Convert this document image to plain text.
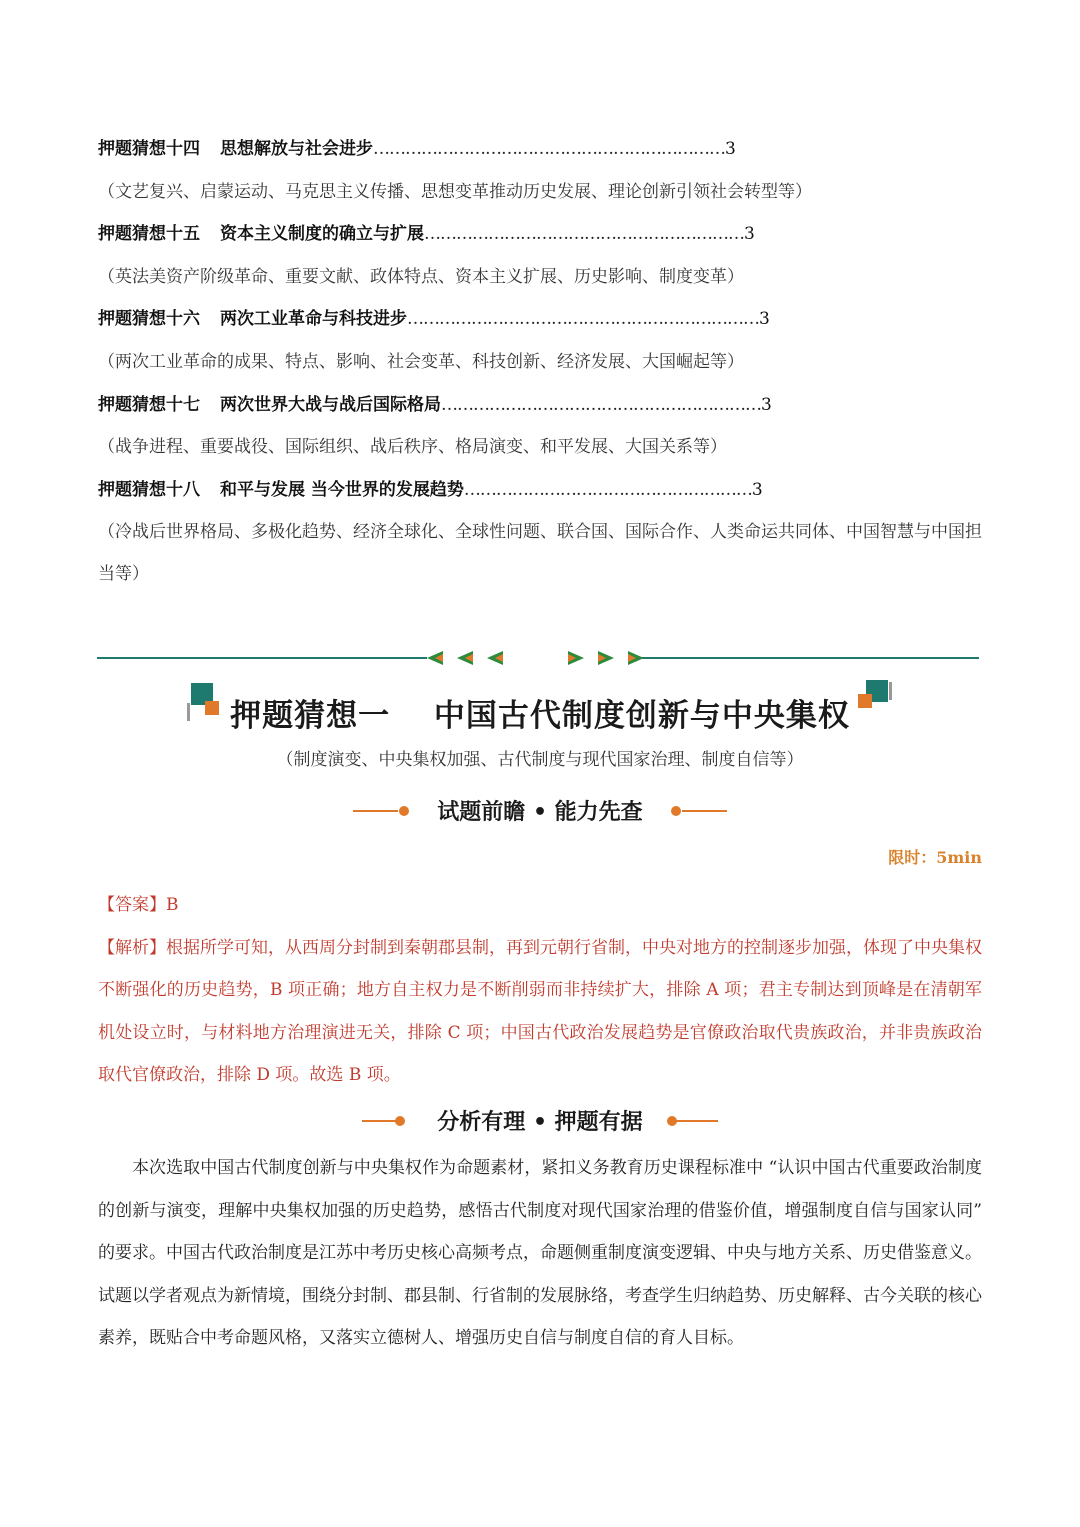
押题猜想十四 思想解放与社会进步…………………………………………………………3
（文艺复兴、启蒙运动、马克思主义传播、思想变革推动历史发展、理论创新引领社会转型等）
押题猜想十五 资本主义制度的确立与扩展……………………………………………………3
（英法美资产阶级革命、重要文献、政体特点、资本主义扩展、历史影响、制度变革）
押题猜想十六 两次工业革命与科技进步…………………………………………………………3
（两次工业革命的成果、特点、影响、社会变革、科技创新、经济发展、大国崛起等）
押题猜想十七 两次世界大战与战后国际格局……………………………………………………3
（战争进程、重要战役、国际组织、战后秩序、格局演变、和平发展、大国关系等）
押题猜想十八 和平与发展 当今世界的发展趋势………………………………………………3
（冷战后世界格局、多极化趋势、经济全球化、全球性问题、联合国、国际合作、人类命运共同体、中国智慧与中国担当等）
押题猜想一　 中国古代制度创新与中央集权
（制度演变、中央集权加强、古代制度与现代国家治理、制度自信等）
试题前瞻 • 能力先查
限时：5min

【答案】B

【解析】根据所学可知，从西周分封制到秦朝郡县制，再到元朝行省制，中央对地方的控制逐步加强，体现了中央集权不断强化的历史趋势，B 项正确；地方自主权力是不断削弱而非持续扩大，排除 A 项；君主专制达到顶峰是在清朝军机处设立时，与材料地方治理演进无关，排除 C 项；中国古代政治发展趋势是官僚政治取代贵族政治，并非贵族政治取代官僚政治，排除 D 项。故选 B 项。

分析有理 • 押题有据
本次选取中国古代制度创新与中央集权作为命题素材，紧扣义务教育历史课程标准中 “认识中国古代重要政治制度的创新与演变，理解中央集权加强的历史趋势，感悟古代制度对现代国家治理的借鉴价值，增强制度自信与国家认同” 的要求。中国古代政治制度是江苏中考历史核心高频考点，命题侧重制度演变逻辑、中央与地方关系、历史借鉴意义。试题以学者观点为新情境，围绕分封制、郡县制、行省制的发展脉络，考查学生归纳趋势、历史解释、古今关联的核心素养，既贴合中考命题风格，又落实立德树人、增强历史自信与制度自信的育人目标。
